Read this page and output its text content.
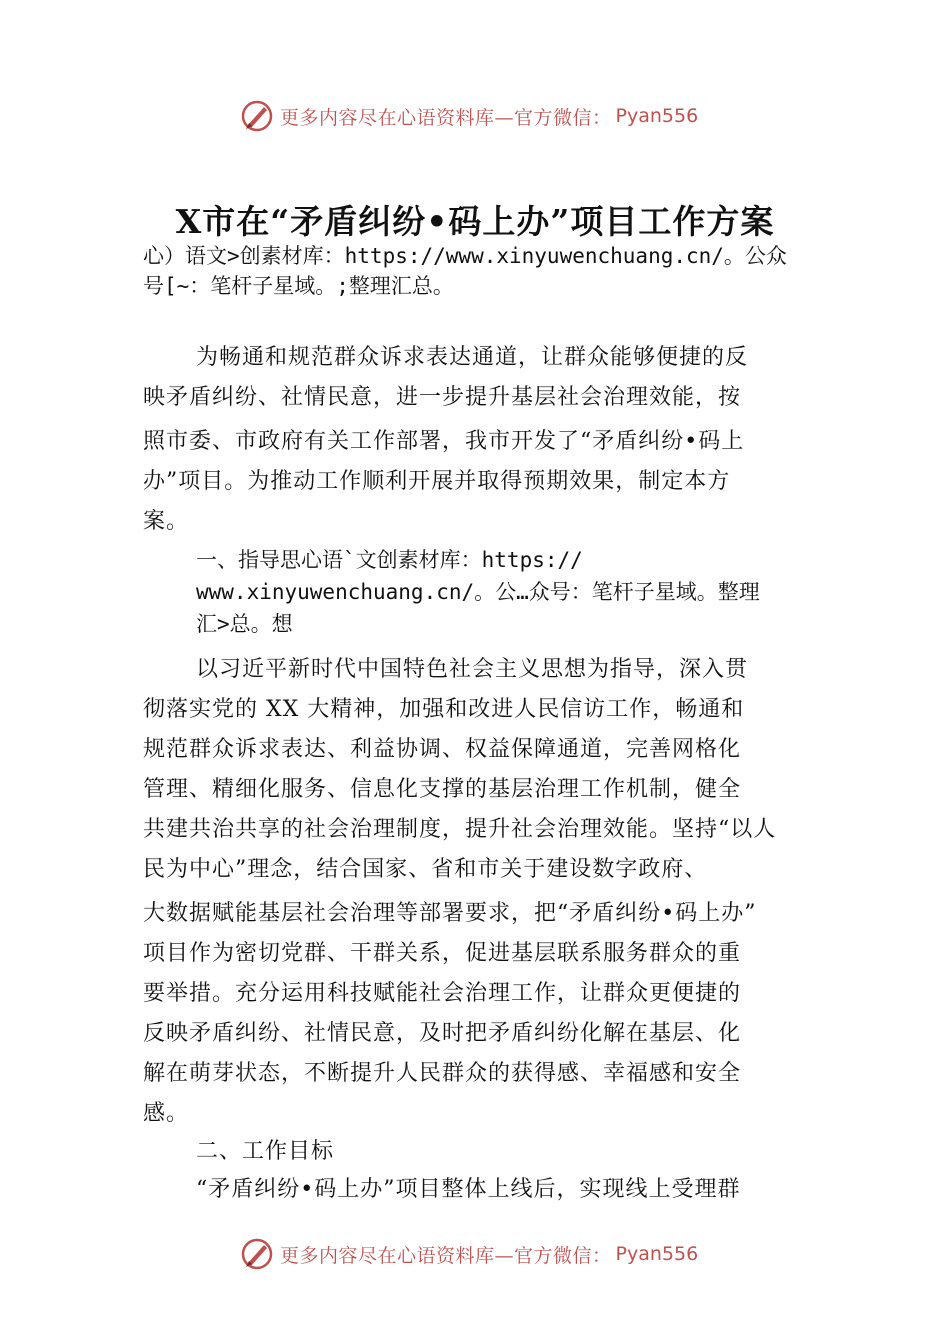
更多内容尽在心语资料库—官方微信： Pyan556
X市在“矛盾纠纷•码上办”项目工作方案
心）语文>创素材库：https://www.xinyuwenchuang.cn/。公众
号[~：笔杆子星域。;整理汇总。
为畅通和规范群众诉求表达通道，让群众能够便捷的反
映矛盾纠纷、社情民意，进一步提升基层社会治理效能，按
照市委、市政府有关工作部署，我市开发了“矛盾纠纷•码上
办”项目。为推动工作顺利开展并取得预期效果，制定本方
案。
一、指导思心语`文创素材库：https://
www.xinyuwenchuang.cn/。公…众号：笔杆子星域。整理
汇>总。想
以习近平新时代中国特色社会主义思想为指导，深入贯
彻落实党的 XX 大精神，加强和改进人民信访工作，畅通和
规范群众诉求表达、利益协调、权益保障通道，完善网格化
管理、精细化服务、信息化支撑的基层治理工作机制，健全
共建共治共享的社会治理制度，提升社会治理效能。坚持“以人
民为中心”理念，结合国家、省和市关于建设数字政府、
大数据赋能基层社会治理等部署要求，把“矛盾纠纷•码上办”
项目作为密切党群、干群关系，促进基层联系服务群众的重
要举措。充分运用科技赋能社会治理工作，让群众更便捷的
反映矛盾纠纷、社情民意，及时把矛盾纠纷化解在基层、化
解在萌芽状态，不断提升人民群众的获得感、幸福感和安全
感。
二、工作目标
“矛盾纠纷•码上办”项目整体上线后，实现线上受理群
更多内容尽在心语资料库—官方微信： Pyan556
